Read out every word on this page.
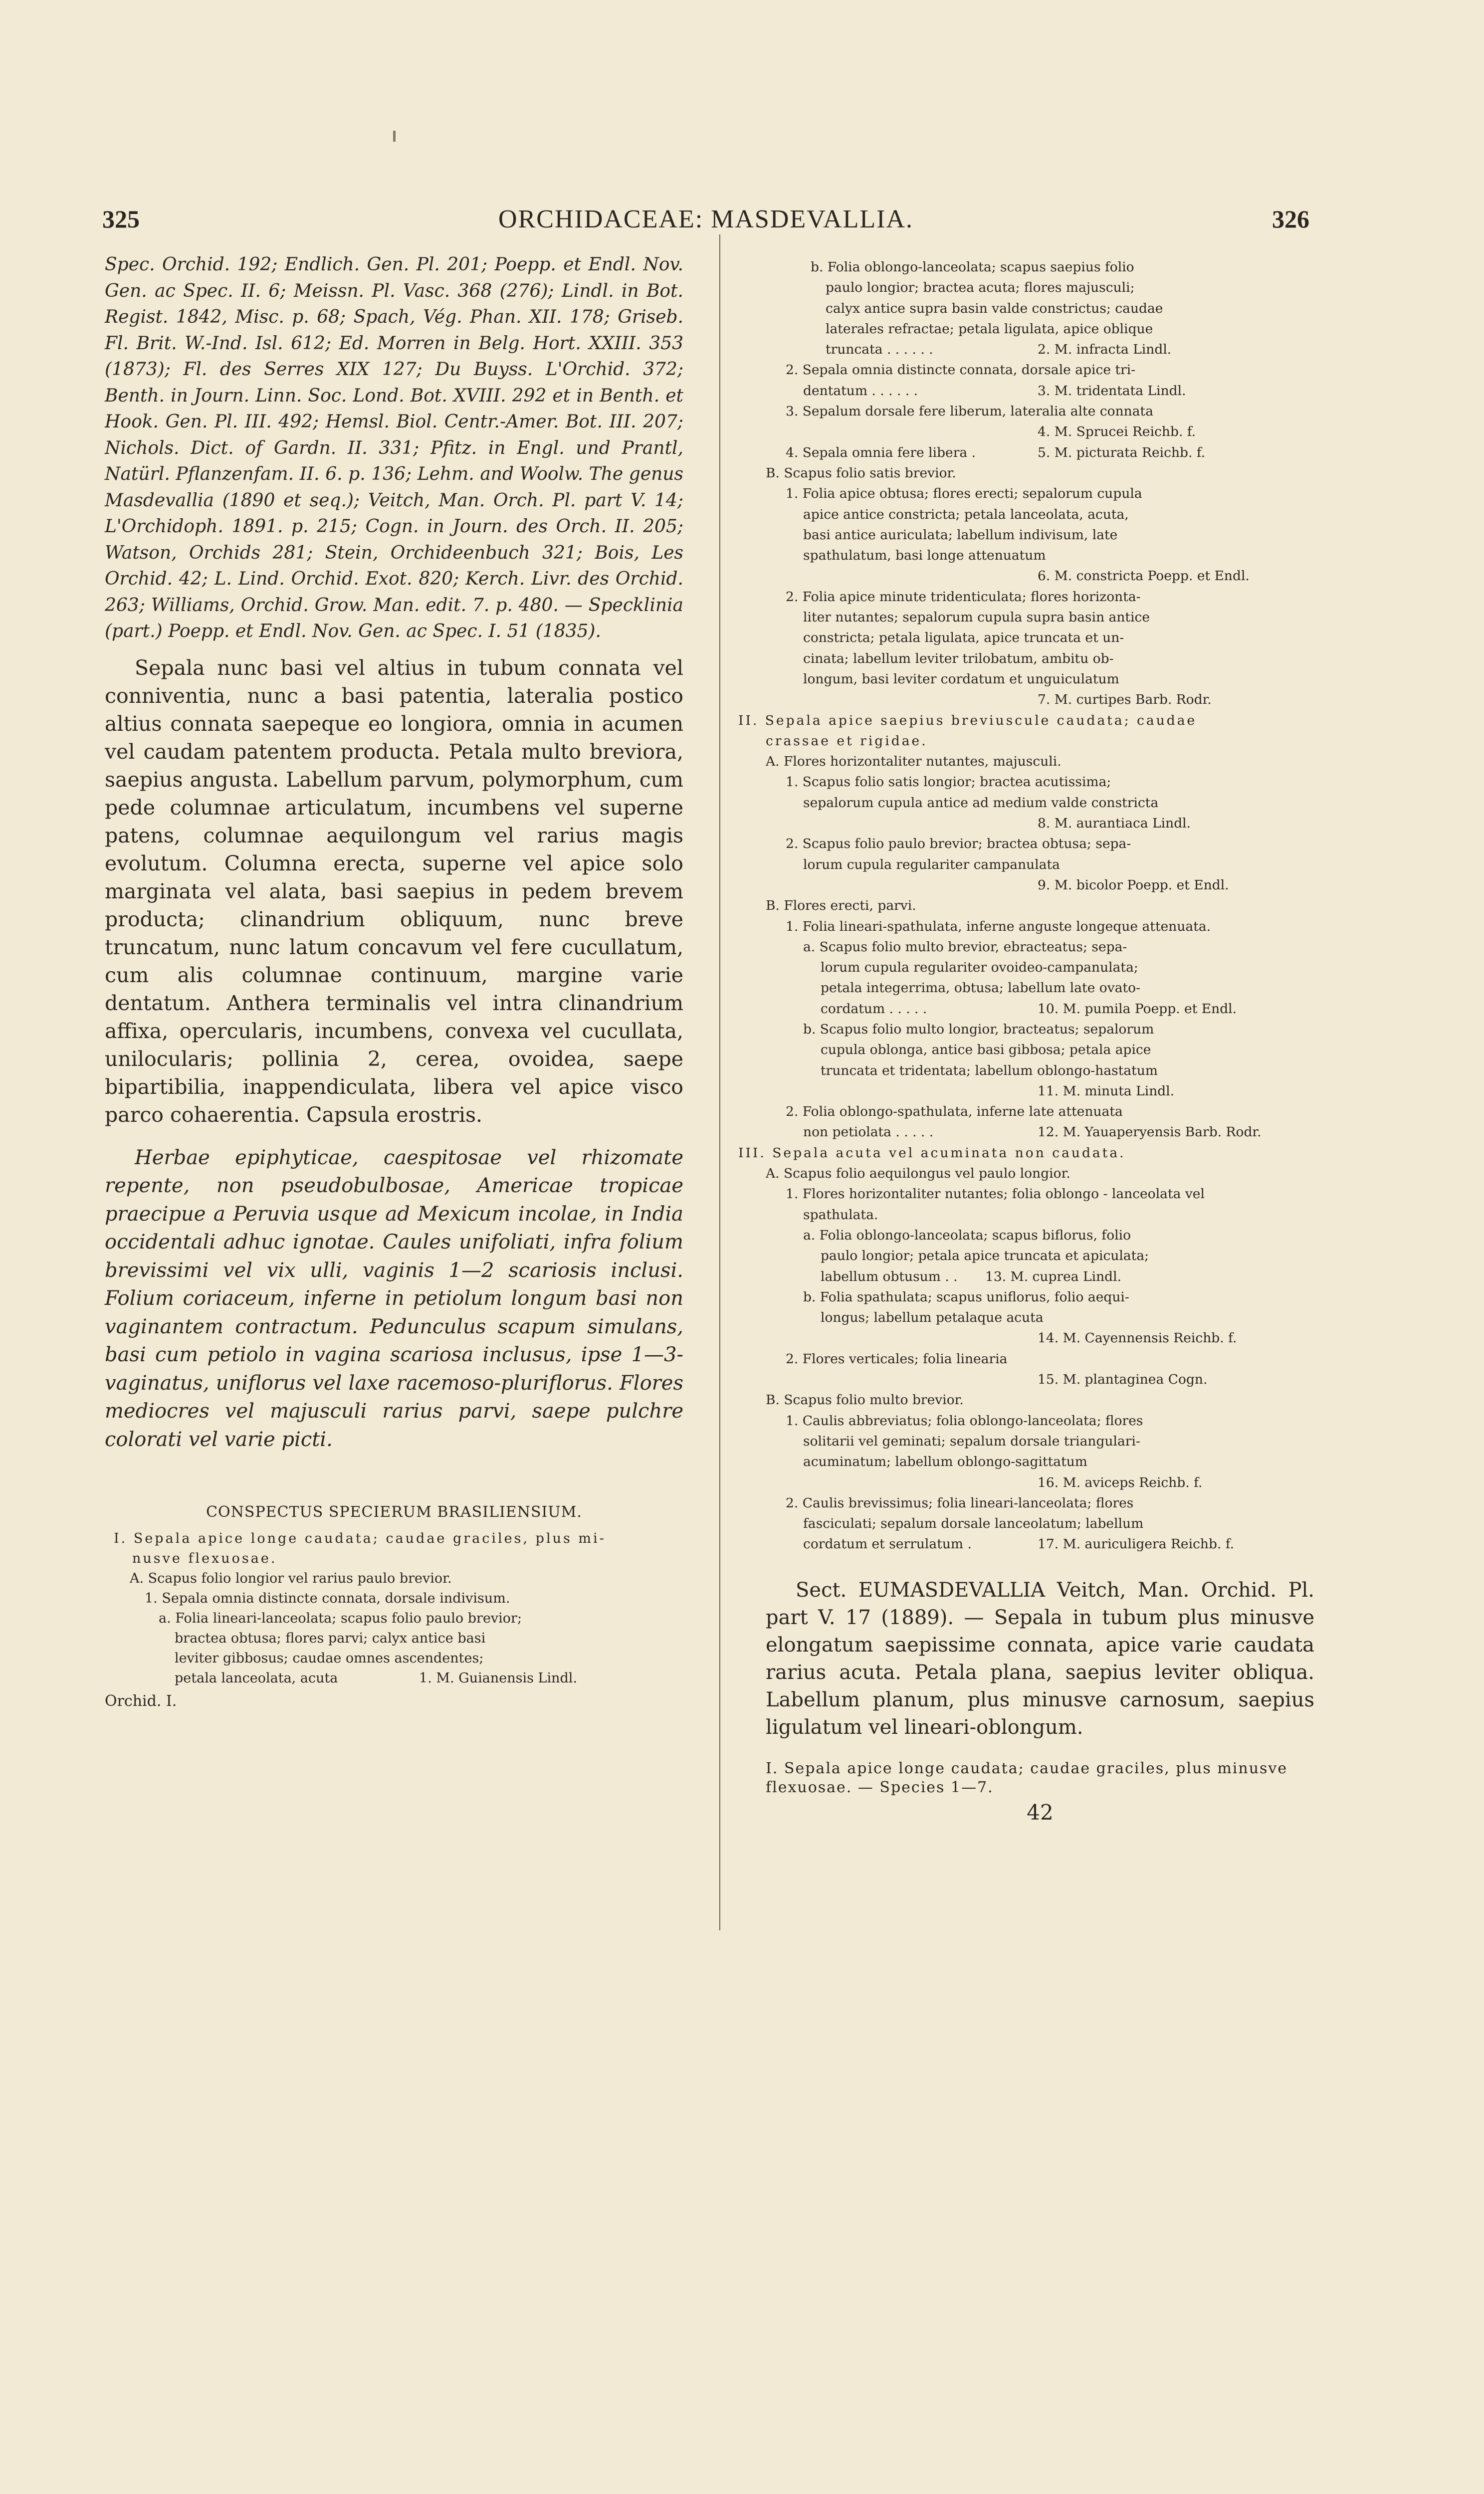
325	ORCHIDACEAE: MASDEVALLIA.	326

Spec. Orchid. 192; Endlich. Gen. Pl. 201; Poepp. et Endl. Nov. Gen. ac Spec. II. 6; Meissn. Pl. Vasc. 368 (276); Lindl. in Bot. Regist. 1842, Misc. p. 68; Spach, Vég. Phan. XII. 178; Griseb. Fl. Brit. W.-Ind. Isl. 612; Ed. Morren in Belg. Hort. XXIII. 353 (1873); Fl. des Serres XIX 127; Du Buyss. L'Orchid. 372; Benth. in Journ. Linn. Soc. Lond. Bot. XVIII. 292 et in Benth. et Hook. Gen. Pl. III. 492; Hemsl. Biol. Centr.-Amer. Bot. III. 207; Nichols. Dict. of Gardn. II. 331; Pfitz. in Engl. und Prantl, Natürl. Pflanzenfam. II. 6. p. 136; Lehm. and Woolw. The genus Masdevallia (1890 et seq.); Veitch, Man. Orch. Pl. part V. 14; L'Orchidoph. 1891. p. 215; Cogn. in Journ. des Orch. II. 205; Watson, Orchids 281; Stein, Orchideenbuch 321; Bois, Les Orchid. 42; L. Lind. Orchid. Exot. 820; Kerch. Livr. des Orchid. 263; Williams, Orchid. Grow. Man. edit. 7. p. 480. — Specklinia (part.) Poepp. et Endl. Nov. Gen. ac Spec. I. 51 (1835).

Sepala nunc basi vel altius in tubum connata vel conniventia, nunc a basi patentia, lateralia postico altius connata saepeque eo longiora, omnia in acumen vel caudam patentem producta. Petala multo breviora, saepius angusta. Labellum parvum, polymorphum, cum pede columnae articulatum, incumbens vel superne patens, columnae aequilongum vel rarius magis evolutum. Columna erecta, superne vel apice solo marginata vel alata, basi saepius in pedem brevem producta; clinandrium obliquum, nunc breve truncatum, nunc latum concavum vel fere cucullatum, cum alis columnae continuum, margine varie dentatum. Anthera terminalis vel intra clinandrium affixa, opercularis, incumbens, convexa vel cucullata, unilocularis; pollinia 2, cerea, ovoidea, saepe bipartibilia, inappendiculata, libera vel apice visco parco cohaerentia. Capsula erostris.

Herbae epiphyticae, caespitosae vel rhizomate repente, non pseudobulbosae, Americae tropicae praecipue a Peruvia usque ad Mexicum incolae, in India occidentali adhuc ignotae. Caules unifoliati, infra folium brevissimi vel vix ulli, vaginis 1—2 scariosis inclusi. Folium coriaceum, inferne in petiolum longum basi non vaginantem contractum. Pedunculus scapum simulans, basi cum petiolo in vagina scariosa inclusus, ipse 1—3-vaginatus, uniflorus vel laxe racemoso-pluriflorus. Flores mediocres vel majusculi rarius parvi, saepe pulchre colorati vel varie picti.

CONSPECTUS SPECIERUM BRASILIENSIUM.
I. Sepala apice longe caudata; caudae graciles, plus mi-
nusve flexuosae.
A. Scapus folio longior vel rarius paulo brevior.
1. Sepala omnia distincte connata, dorsale indivisum.
a. Folia lineari-lanceolata; scapus folio paulo brevior;
bracteа obtusa; flores parvi; calyx antice basi
leviter gibbosus; caudae omnes ascendentes;
petala lanceolata, acuta	1. M. Guianensis Lindl.
Orchid. I.
b. Folia oblongo-lanceolata; scapus saepius folio
paulo longior; bractea acuta; flores majusculi;
calyx antice supra basin valde constrictus; caudae
laterales refractae; petala ligulata, apice oblique
truncata . . . . . .	2. M. infracta Lindl.
2. Sepala omnia distincte connata, dorsale apice tri-
dentatum . . . . . .	3. M. tridentata Lindl.
3. Sepalum dorsale fere liberum, lateralia alte connata
4. M. Sprucei Reichb. f.
4. Sepala omnia fere libera .	5. M. picturata Reichb. f.
B. Scapus folio satis brevior.
1. Folia apice obtusa; flores erecti; sepalorum cupula
apice antice constricta; petala lanceolata, acuta,
basi antice auriculata; labellum indivisum, late
spathulatum, basi longe attenuatum
6. M. constricta Poepp. et Endl.
2. Folia apice minute tridenticulata; flores horizonta-
liter nutantes; sepalorum cupula supra basin antice
constricta; petala ligulata, apice truncata et un-
cinata; labellum leviter trilobatum, ambitu ob-
longum, basi leviter cordatum et unguiculatum
7. M. curtipes Barb. Rodr.
II. Sepala apice saepius breviuscule caudata; caudae
crassae et rigidae.
A. Flores horizontaliter nutantes, majusculi.
1. Scapus folio satis longior; bractea acutissima;
sepalorum cupula antice ad medium valde constricta
8. M. aurantiaca Lindl.
2. Scapus folio paulo brevior; bractea obtusa; sepa-
lorum cupula regulariter campanulata
9. M. bicolor Poepp. et Endl.
B. Flores erecti, parvi.
1. Folia lineari-spathulata, inferne anguste longeque attenuata.
a. Scapus folio multo brevior, ebracteatus; sepa-
lorum cupula regulariter ovoideo-campanulata;
petala integerrima, obtusa; labellum late ovato-
cordatum . . . . .	10. M. pumila Poepp. et Endl.
b. Scapus folio multo longior, bracteatus; sepalorum
cupula oblonga, antice basi gibbosa; petala apice
truncata et tridentata; labellum oblongo-hastatum
11. M. minuta Lindl.
2. Folia oblongo-spathulata, inferne late attenuata
non petiolata . . . . .	12. M. Yauaperyensis Barb. Rodr.
III. Sepala acuta vel acuminata non caudata.
A. Scapus folio aequilongus vel paulo longior.
1. Flores horizontaliter nutantes; folia oblongo - lanceolata vel
spathulata.
a. Folia oblongo-lanceolata; scapus biflorus, folio
paulo longior; petala apice truncata et apiculata;
labellum obtusum . . 13. M. cuprea Lindl.
b. Folia spathulata; scapus uniflorus, folio aequi-
longus; labellum petalaque acuta
14. M. Cayennensis Reichb. f.
2. Flores verticales; folia linearia
15. M. plantaginea Cogn.
B. Scapus folio multo brevior.
1. Caulis abbreviatus; folia oblongo-lanceolata; flores
solitarii vel geminati; sepalum dorsale triangulari-
acuminatum; labellum oblongo-sagittatum
16. M. aviceps Reichb. f.
2. Caulis brevissimus; folia lineari-lanceolata; flores
fasciculati; sepalum dorsale lanceolatum; labellum
cordatum et serrulatum .	17. M. auriculigera Reichb. f.

Sect. EUMASDEVALLIA Veitch, Man. Orchid. Pl. part V. 17 (1889). — Sepala in tubum plus minusve elongatum saepissime connata, apice varie caudata rarius acuta. Petala plana, saepius leviter obliqua. Labellum planum, plus minusve carnosum, saepius ligulatum vel lineari-oblongum.

I. Sepala apice longe caudata; caudae graciles, plus minusve flexuosae. — Species 1—7.
42
